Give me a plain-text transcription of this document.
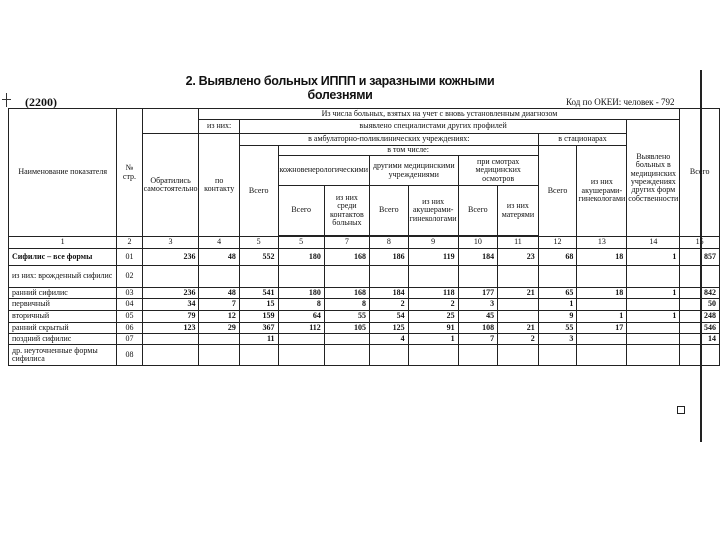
2. Выявлено больных ИППП и заразными кожными болезнями
(2200)	Код по ОКЕИ: человек - 792
Наименование показателя	№ стр.		Из числа больных, взятых на учет с вновь установленным диагнозом											Всего
			из них:	выявлено специалистами других профилей									Выявлено больных в медицинских учреждениях других форм собственности	
		Обратились самостоятельно	по контакту	в амбулаторно-поликлинических учреждениях:							в стационарах			
				Всего	в том числе:						Всего	из них акушерами-гинекологами		
					кожновенерологическими		другими медицинскими учреждениями		при смотрах медицинских осмотров					
					Всего	из них среди контактов больных	Всего	из них акушерами-гинекологами	Всего	из них матерями				

1	2	3	4	5	5	7	8	9	10	11	12	13	14	15
Сифилис – все формы	01	236	48	552	180	168	186	119	184	23	68	18	1	857
из них: врожденный сифилис	02													
ранний сифилис	03	236	48	541	180	168	184	118	177	21	65	18	1	842
первичный	04	34	7	15	8	8	2	2	3		1			50
вторичный	05	79	12	159	64	55	54	25	45		9	1	1	248
ранний скрытый	06	123	29	367	112	105	125	91	108	21	55	17		546
поздний сифилис	07			11			4	1	7	2	3			14
др. неуточненные формы сифилиса	08													
